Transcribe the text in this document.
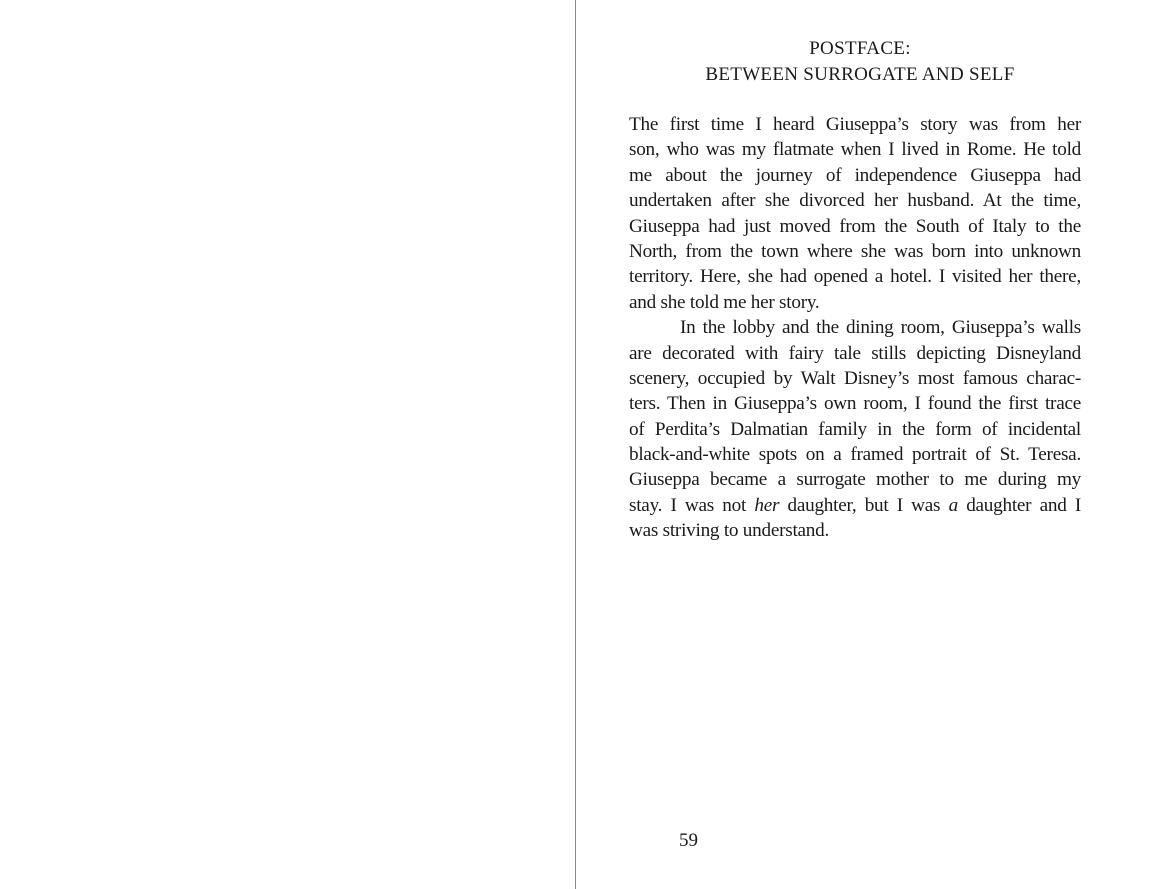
POSTFACE:
BETWEEN SURROGATE AND SELF
The first time I heard Giuseppa’s story was from her
son, who was my flatmate when I lived in Rome. He told
me about the journey of independence Giuseppa had
undertaken after she divorced her husband. At the time,
Giuseppa had just moved from the South of Italy to the
North, from the town where she was born into unknown
territory. Here, she had opened a hotel. I visited her there,
and she told me her story.
In the lobby and the dining room, Giuseppa’s walls
are decorated with fairy tale stills depicting Disneyland
scenery, occupied by Walt Disney’s most famous charac-
ters. Then in Giuseppa’s own room, I found the first trace
of Perdita’s Dalmatian family in the form of incidental
black-and-white spots on a framed portrait of St. Teresa.
Giuseppa became a surrogate mother to me during my
stay. I was not her daughter, but I was a daughter and I
was striving to understand.
59
